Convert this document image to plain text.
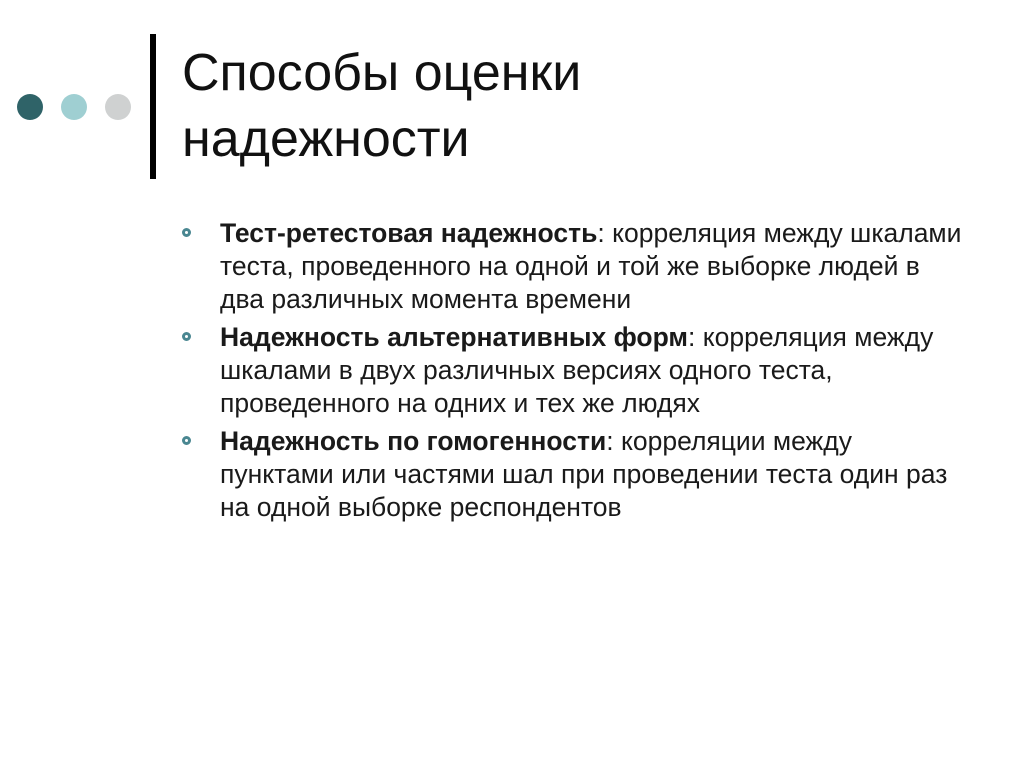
Способы оценки
надежности
Тест-ретестовая надежность: корреляция между шкалами теста, проведенного на одной и той же выборке людей в два различных момента времени
Надежность альтернативных форм: корреляция между шкалами в двух различных версиях одного теста, проведенного на одних и тех же людях
Надежность по гомогенности: корреляции между пунктами или частями шал при проведении теста один раз на одной выборке респондентов
